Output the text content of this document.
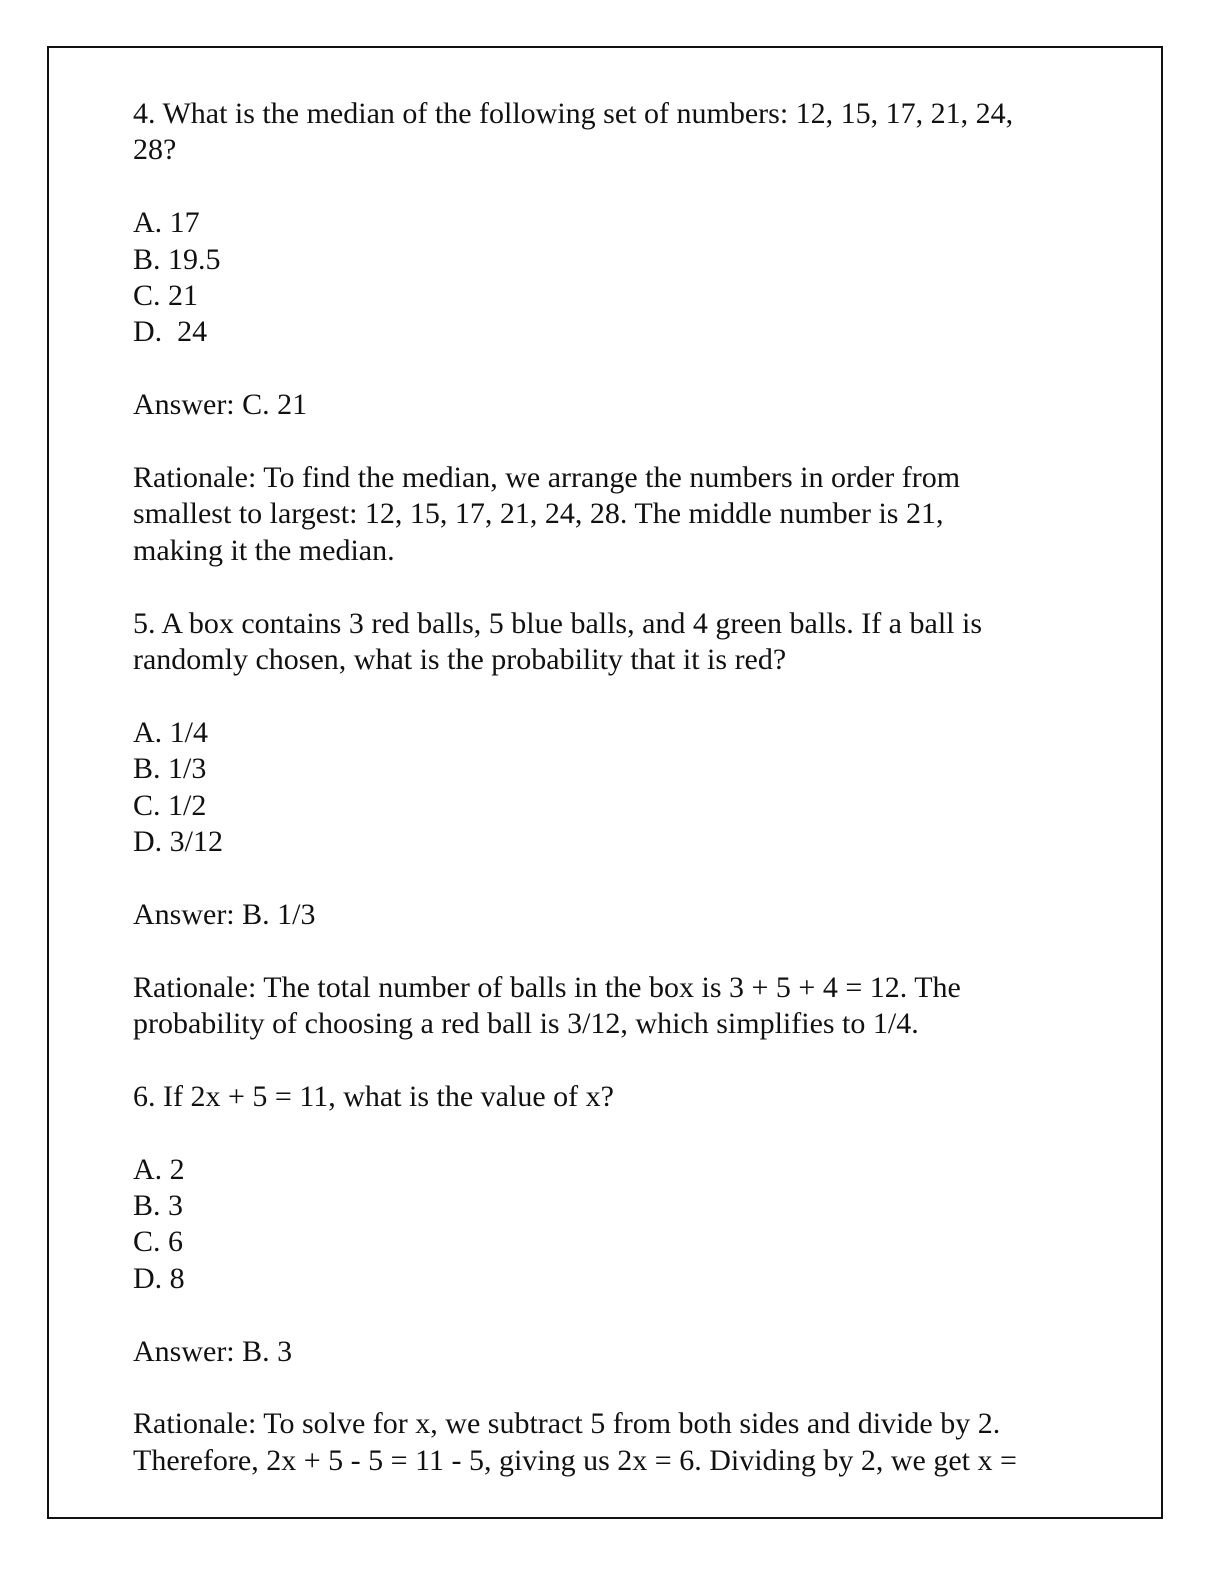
4. What is the median of the following set of numbers: 12, 15, 17, 21, 24,
28?

A. 17
B. 19.5
C. 21
D.  24

Answer: C. 21

Rationale: To find the median, we arrange the numbers in order from
smallest to largest: 12, 15, 17, 21, 24, 28. The middle number is 21,
making it the median.

5. A box contains 3 red balls, 5 blue balls, and 4 green balls. If a ball is
randomly chosen, what is the probability that it is red?

A. 1/4
B. 1/3
C. 1/2
D. 3/12

Answer: B. 1/3

Rationale: The total number of balls in the box is 3 + 5 + 4 = 12. The
probability of choosing a red ball is 3/12, which simplifies to 1/4.

6. If 2x + 5 = 11, what is the value of x?

A. 2
B. 3
C. 6
D. 8

Answer: B. 3

Rationale: To solve for x, we subtract 5 from both sides and divide by 2.
Therefore, 2x + 5 - 5 = 11 - 5, giving us 2x = 6. Dividing by 2, we get x =
